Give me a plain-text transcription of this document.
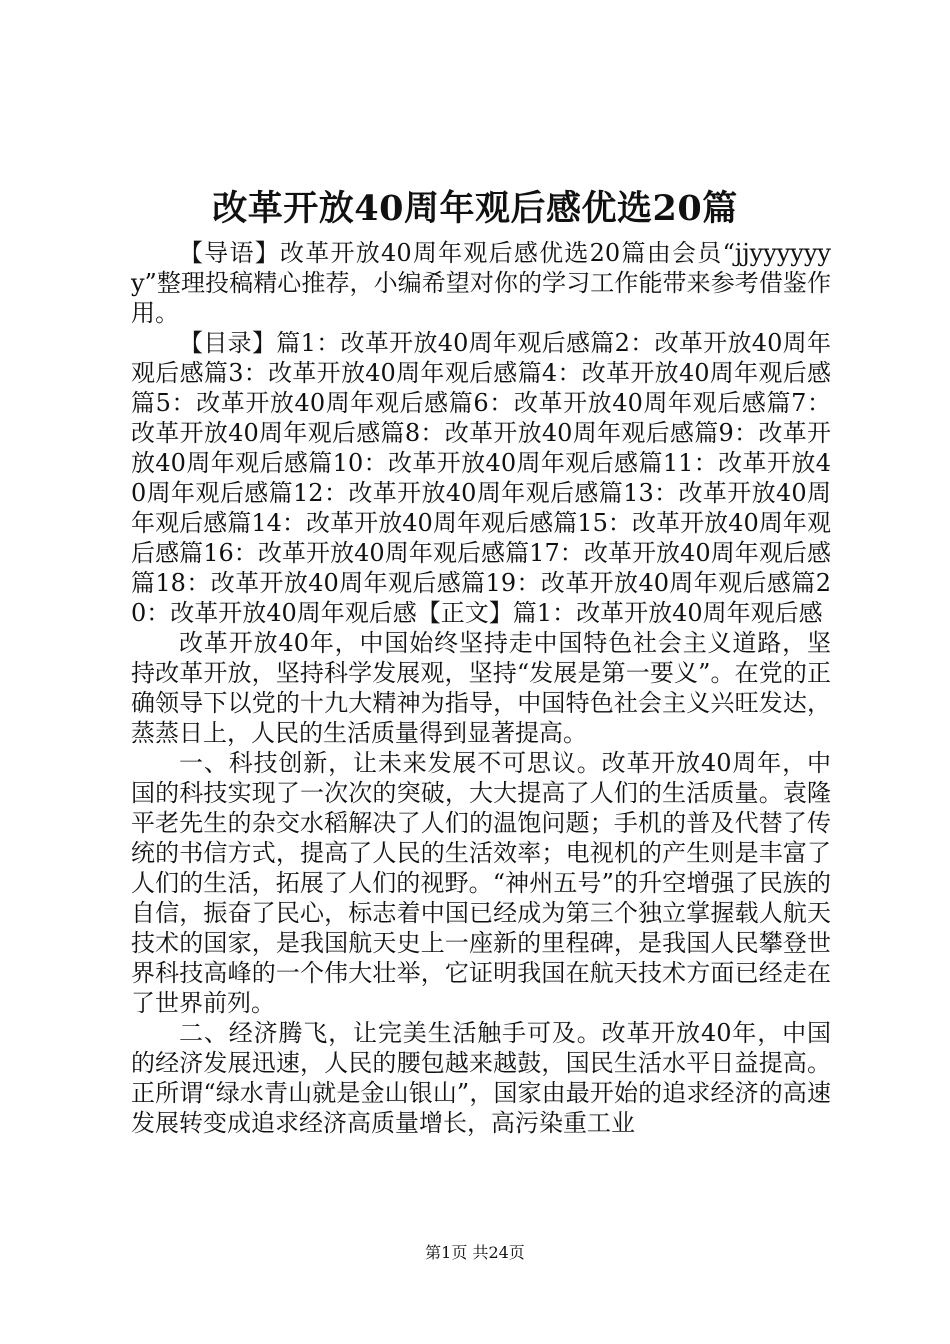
改革开放40周年观后感优选20篇

【导语】改革开放40周年观后感优选20篇由会员“jjyyyyyyy”整理投稿精心推荐，小编希望对你的学习工作能带来参考借鉴作用。

【目录】篇1：改革开放40周年观后感篇2：改革开放40周年观后感篇3：改革开放40周年观后感篇4：改革开放40周年观后感篇5：改革开放40周年观后感篇6：改革开放40周年观后感篇7：改革开放40周年观后感篇8：改革开放40周年观后感篇9：改革开放40周年观后感篇10：改革开放40周年观后感篇11：改革开放40周年观后感篇12：改革开放40周年观后感篇13：改革开放40周年观后感篇14：改革开放40周年观后感篇15：改革开放40周年观后感篇16：改革开放40周年观后感篇17：改革开放40周年观后感篇18：改革开放40周年观后感篇19：改革开放40周年观后感篇20：改革开放40周年观后感【正文】篇1：改革开放40周年观后感

改革开放40年，中国始终坚持走中国特色社会主义道路，坚持改革开放，坚持科学发展观，坚持“发展是第一要义”。在党的正确领导下以党的十九大精神为指导，中国特色社会主义兴旺发达，蒸蒸日上，人民的生活质量得到显著提高。

一、科技创新，让未来发展不可思议。改革开放40周年，中国的科技实现了一次次的突破，大大提高了人们的生活质量。袁隆平老先生的杂交水稻解决了人们的温饱问题；手机的普及代替了传统的书信方式，提高了人民的生活效率；电视机的产生则是丰富了人们的生活，拓展了人们的视野。“神州五号”的升空增强了民族的自信，振奋了民心，标志着中国已经成为第三个独立掌握载人航天技术的国家，是我国航天史上一座新的里程碑，是我国人民攀登世界科技高峰的一个伟大壮举，它证明我国在航天技术方面已经走在了世界前列。

二、经济腾飞，让完美生活触手可及。改革开放40年，中国的经济发展迅速，人民的腰包越来越鼓，国民生活水平日益提高。正所谓“绿水青山就是金山银山”，国家由最开始的追求经济的高速发展转变成追求经济高质量增长，高污染重工业

第1页 共24页
